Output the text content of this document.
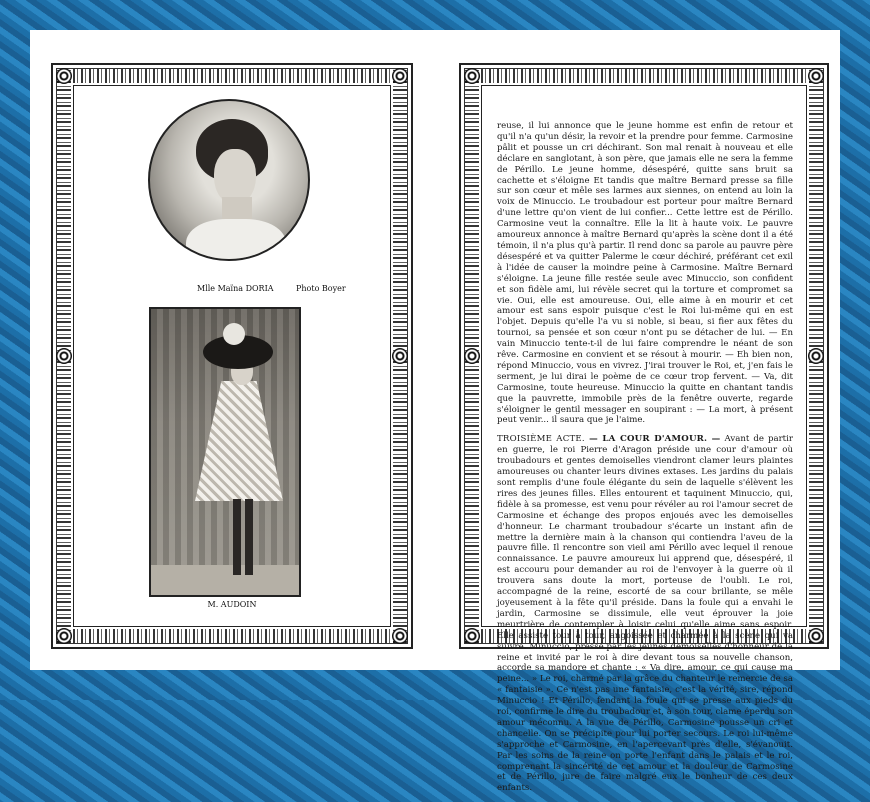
Mlle Maïna DORIA	Photo Boyer
M. AUDOIN

reuse, il lui annonce que le jeune homme est enfin de retour et qu'il n'a qu'un désir, la revoir et la prendre pour femme. Carmosine pâlit et pousse un cri déchirant. Son mal renait à nouveau et elle déclare en sanglotant, à son père, que jamais elle ne sera la femme de Périllo. Le jeune homme, désespéré, quitte sans bruit sa cachette et s'éloigne Et tandis que maître Bernard presse sa fille sur son cœur et mêle ses larmes aux siennes, on entend au loin la voix de Minuccio. Le troubadour est porteur pour maître Bernard d'une lettre qu'on vient de lui confier... Cette lettre est de Périllo. Carmosine veut la connaître. Elle la lit à haute voix. Le pauvre amoureux annonce à maître Bernard qu'après la scène dont il a été témoin, il n'a plus qu'à partir. Il rend donc sa parole au pauvre père désespéré et va quitter Palerme le cœur déchiré, préférant cet exil à l'idée de causer la moindre peine à Carmosine. Maître Bernard s'éloigne. La jeune fille restée seule avec Minuccio, son confident et son fidèle ami, lui révèle secret qui la torture et compromet sa vie. Oui, elle est amoureuse. Oui, elle aime à en mourir et cet amour est sans espoir puisque c'est le Roi lui-même qui en est l'objet. Depuis qu'elle l'a vu si noble, si beau, si fier aux fêtes du tournoi, sa pensée et son cœur n'ont pu se détacher de lui. — En vain Minuccio tente-t-il de lui faire comprendre le néant de son rêve. Carmosine en convient et se résout à mourir. — Eh bien non, répond Minuccio, vous en vivrez. J'irai trouver le Roi, et, j'en fais le serment, je lui dirai le poème de ce cœur trop fervent. — Va, dit Carmosine, toute heureuse. Minuccio la quitte en chantant tandis que la pauvrette, immobile près de la fenêtre ouverte, regarde s'éloigner le gentil messager en soupirant : — La mort, à présent peut venir... il saura que je l'aime.

TROISIÈME ACTE. — LA COUR D'AMOUR. — Avant de partir en guerre, le roi Pierre d'Aragon préside une cour d'amour où troubadours et gentes demoiselles viendront clamer leurs plaintes amoureuses ou chanter leurs divines extases. Les jardins du palais sont remplis d'une foule élégante du sein de laquelle s'élèvent les rires des jeunes filles. Elles entourent et taquinent Minuccio, qui, fidèle à sa promesse, est venu pour révéler au roi l'amour secret de Carmosine et échange des propos enjoués avec les demoiselles d'honneur. Le charmant troubadour s'écarte un instant afin de mettre la dernière main à la chanson qui contiendra l'aveu de la pauvre fille. Il rencontre son vieil ami Périllo avec lequel il renoue connaissance. Le pauvre amoureux lui apprend que, désespéré, il est accouru pour demander au roi de l'envoyer à la guerre où il trouvera sans doute la mort, porteuse de l'oubli. Le roi, accompagné de la reine, escorté de sa cour brillante, se mêle joyeusement à la fête qu'il préside. Dans la foule qui a envahi le jardin, Carmosine se dissimule, elle veut éprouver la joie meurtrière de contempler à loisir celui qu'elle aime sans espoir. Elle assiste tour à tour, angoissée et charmée à la scène qui va suivre. Minuccio, pressé par les jeunes demoiselles d'honneur de la reine et invité par le roi à dire devant tous sa nouvelle chanson, accorde sa mandore et chante : « Va dire, amour, ce qui cause ma peine... » Le roi, charmé par la grâce du chanteur le remercie de sa « fantaisie ». Ce n'est pas une fantaisie, c'est la vérité, sire, répond Minuccio ! Et Périllo, fendant la foule qui se presse aux pieds du roi, confirme le dire du troubadour et, à son tour, clame éperdu son amour méconnu. A la vue de Périllo, Carmosine pousse un cri et chancelle. On se précipite pour lui porter secours. Le roi lui-même s'approche et Carmosine, en l'apercevant près d'elle, s'évanouit. Par les soins de la reine on porte l'enfant dans le palais et le roi, comprenant la sincérité de cet amour et la douleur de Carmosine et de Périllo, jure de faire malgré eux le bonheur de ces deux enfants.
